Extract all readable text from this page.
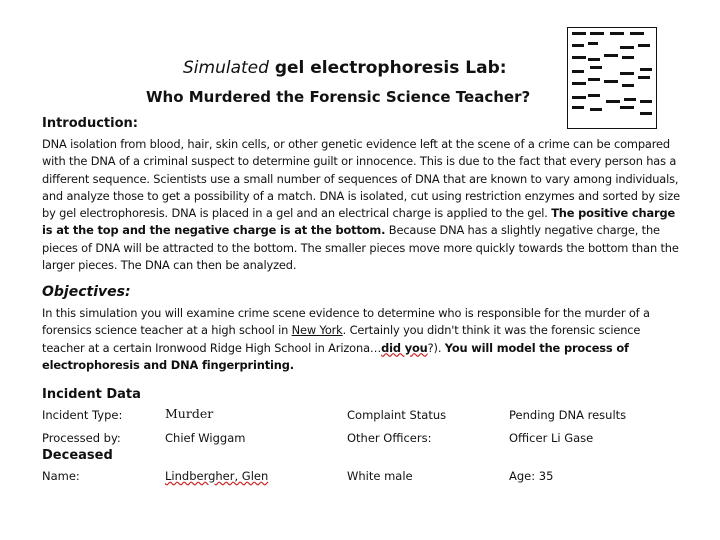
Simulated gel electrophoresis Lab:
Who Murdered the Forensic Science Teacher?
Introduction:
DNA isolation from blood, hair, skin cells, or other genetic evidence left at the scene of a crime can be compared with the DNA of a criminal suspect to determine guilt or innocence. This is due to the fact that every person has a different sequence. Scientists use a small number of sequences of DNA that are known to vary among individuals, and analyze those to get a possibility of a match. DNA is isolated, cut using restriction enzymes and sorted by size by gel electrophoresis. DNA is placed in a gel and an electrical charge is applied to the gel. The positive charge is at the top and the negative charge is at the bottom. Because DNA has a slightly negative charge, the pieces of DNA will be attracted to the bottom. The smaller pieces move more quickly towards the bottom than the larger pieces. The DNA can then be analyzed.
Objectives:
In this simulation you will examine crime scene evidence to determine who is responsible for the murder of a forensics science teacher at a high school in New York. Certainly you didn't think it was the forensic science teacher at a certain Ironwood Ridge High School in Arizona…did you?). You will model the process of electrophoresis and DNA fingerprinting.
Incident Data
Incident Type:	Murder	Complaint Status	Pending DNA results
Processed by:	Chief Wiggam	Other Officers:	Officer Li Gase
Deceased
Name:	Lindbergher, Glen	White male	Age: 35
